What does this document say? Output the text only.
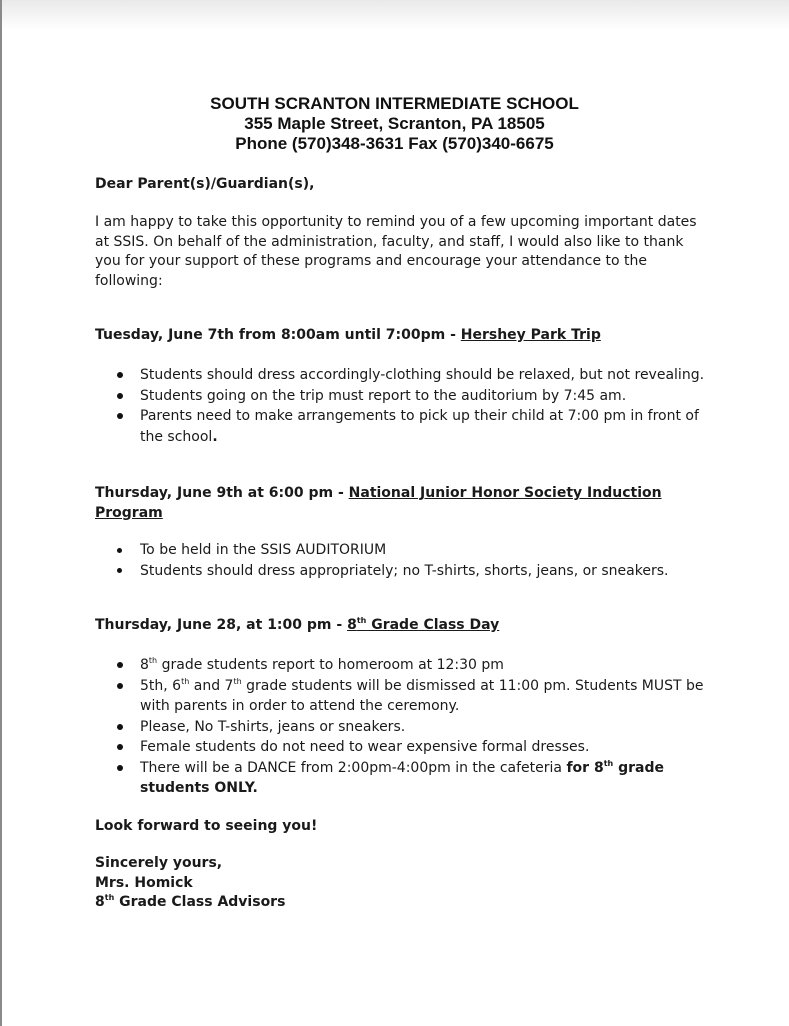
SOUTH SCRANTON INTERMEDIATE SCHOOL
355 Maple Street, Scranton, PA 18505
Phone (570)348-3631 Fax (570)340-6675

Dear Parent(s)/Guardian(s),

I am happy to take this opportunity to remind you of a few upcoming important dates
at SSIS. On behalf of the administration, faculty, and staff, I would also like to thank
you for your support of these programs and encourage your attendance to the
following:

Tuesday, June 7th from 8:00am until 7:00pm - Hershey Park Trip

Students should dress accordingly-clothing should be relaxed, but not revealing.
Students going on the trip must report to the auditorium by 7:45 am.
Parents need to make arrangements to pick up their child at 7:00 pm in front of
the school.
Thursday, June 9th at 6:00 pm - National Junior Honor Society Induction
Program
To be held in the SSIS AUDITORIUM
Students should dress appropriately; no T-shirts, shorts, jeans, or sneakers.

Thursday, June 28, at 1:00 pm - 8th Grade Class Day

8th grade students report to homeroom at 12:30 pm
5th, 6th and 7th grade students will be dismissed at 11:00 pm. Students MUST be
with parents in order to attend the ceremony.
Please, No T-shirts, jeans or sneakers.
Female students do not need to wear expensive formal dresses.
There will be a DANCE from 2:00pm-4:00pm in the cafeteria for 8th grade
students ONLY.

Look forward to seeing you!

Sincerely yours,
Mrs. Homick
8th Grade Class Advisors
